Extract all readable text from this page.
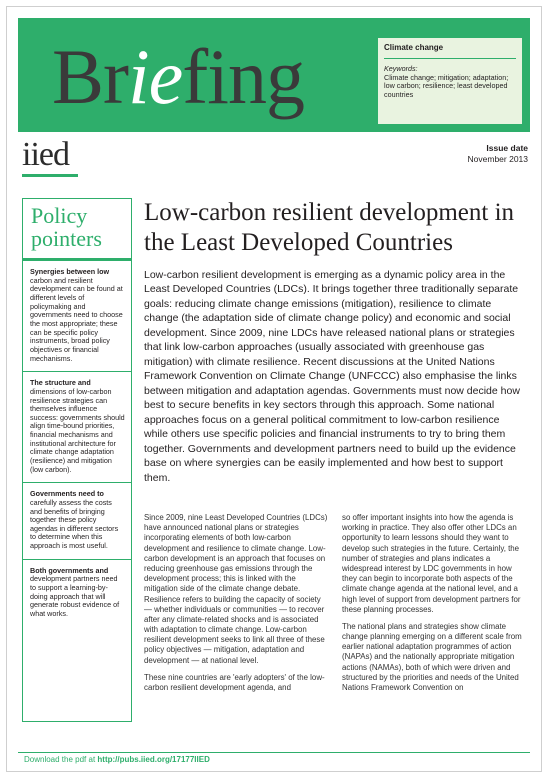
Briefing	Climate change
Keywords:
Climate change; mitigation; adaptation; low carbon; resilience; least developed countries
iied	Issue date
November 2013
Policy pointers
Synergies between low carbon and resilient development can be found at different levels of policymaking and governments need to choose the most appropriate; these can be specific policy instruments, broad policy objectives or financial mechanisms.
The structure and dimensions of low-carbon resilience strategies can themselves influence success: governments should align time-bound priorities, financial mechanisms and institutional architecture for climate change adaptation (resilience) and mitigation (low carbon).
Governments need to carefully assess the costs and benefits of bringing together these policy agendas in different sectors to determine when this approach is most useful.
Both governments and development partners need to support a learning-by-doing approach that will generate robust evidence of what works.
Low-carbon resilient development in the Least Developed Countries
Low-carbon resilient development is emerging as a dynamic policy area in the Least Developed Countries (LDCs). It brings together three traditionally separate goals: reducing climate change emissions (mitigation), resilience to climate change (the adaptation side of climate change policy) and economic and social development. Since 2009, nine LDCs have released national plans or strategies that link low-carbon approaches (usually associated with greenhouse gas mitigation) with climate resilience. Recent discussions at the United Nations Framework Convention on Climate Change (UNFCCC) also emphasise the links between mitigation and adaptation agendas. Governments must now decide how best to secure benefits in key sectors through this approach. Some national approaches focus on a general political commitment to low-carbon resilience while others use specific policies and financial instruments to try to bring them together. Governments and development partners need to build up the evidence base on where synergies can be easily implemented and how best to support them.

Since 2009, nine Least Developed Countries (LDCs) have announced national plans or strategies incorporating elements of both low-carbon development and resilience to climate change. Low-carbon development is an approach that focuses on reducing greenhouse gas emissions through the development process; this is linked with the mitigation side of the climate change debate. Resilience refers to building the capacity of society — whether individuals or communities — to recover after any climate-related shocks and is associated with adaptation to climate change. Low-carbon resilient development seeks to link all three of these policy objectives — mitigation, adaptation and development — at national level.

These nine countries are 'early adopters' of the low-carbon resilient development agenda, and

so offer important insights into how the agenda is working in practice. They also offer other LDCs an opportunity to learn lessons should they want to develop such strategies in the future. Certainly, the number of strategies and plans indicates a widespread interest by LDC governments in how they can begin to incorporate both aspects of the climate change agenda at the national level, and a high level of support from development partners for these planning processes.

The national plans and strategies show climate change planning emerging on a different scale from earlier national adaptation programmes of action (NAPAs) and the nationally appropriate mitigation actions (NAMAs), both of which were driven and structured by the priorities and needs of the United Nations Framework Convention on

Download the pdf at http://pubs.iied.org/17177IIED
